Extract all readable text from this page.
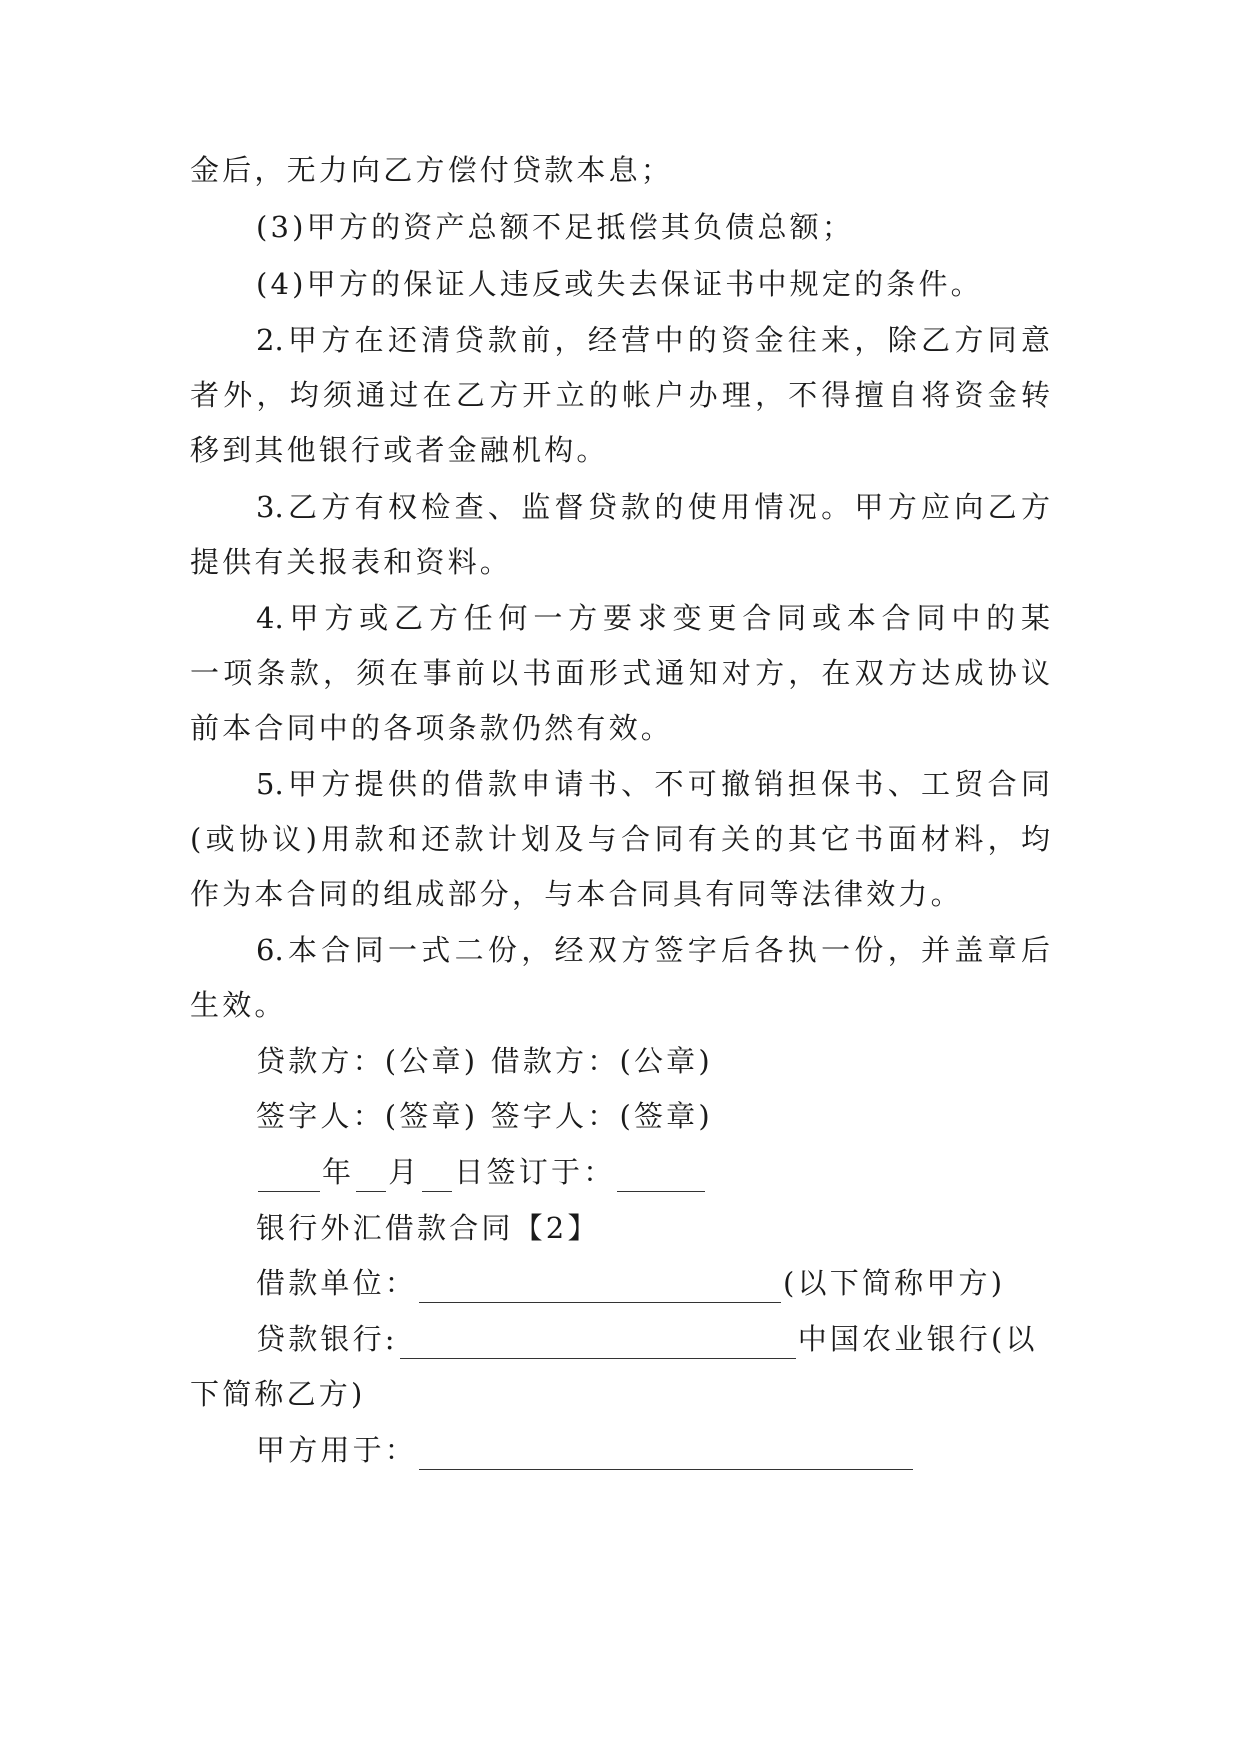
金后，无力向乙方偿付贷款本息；
(3)甲方的资产总额不足抵偿其负债总额；
(4)甲方的保证人违反或失去保证书中规定的条件。
2.甲方在还清贷款前，经营中的资金往来，除乙方同意
者外，均须通过在乙方开立的帐户办理，不得擅自将资金转
移到其他银行或者金融机构。
3.乙方有权检查、监督贷款的使用情况。甲方应向乙方
提供有关报表和资料。
4.甲方或乙方任何一方要求变更合同或本合同中的某
一项条款，须在事前以书面形式通知对方，在双方达成协议
前本合同中的各项条款仍然有效。
5.甲方提供的借款申请书、不可撤销担保书、工贸合同
(或协议)用款和还款计划及与合同有关的其它书面材料，均
作为本合同的组成部分，与本合同具有同等法律效力。
6.本合同一式二份，经双方签字后各执一份，并盖章后
生效。
贷款方：(公章) 借款方：(公章)
签字人：(签章) 签字人：(签章)
年 月 日签订于：
银行外汇借款合同【2】
借款单位：	(以下简称甲方)
贷款银行:	中国农业银行(以
下简称乙方)
甲方用于：
